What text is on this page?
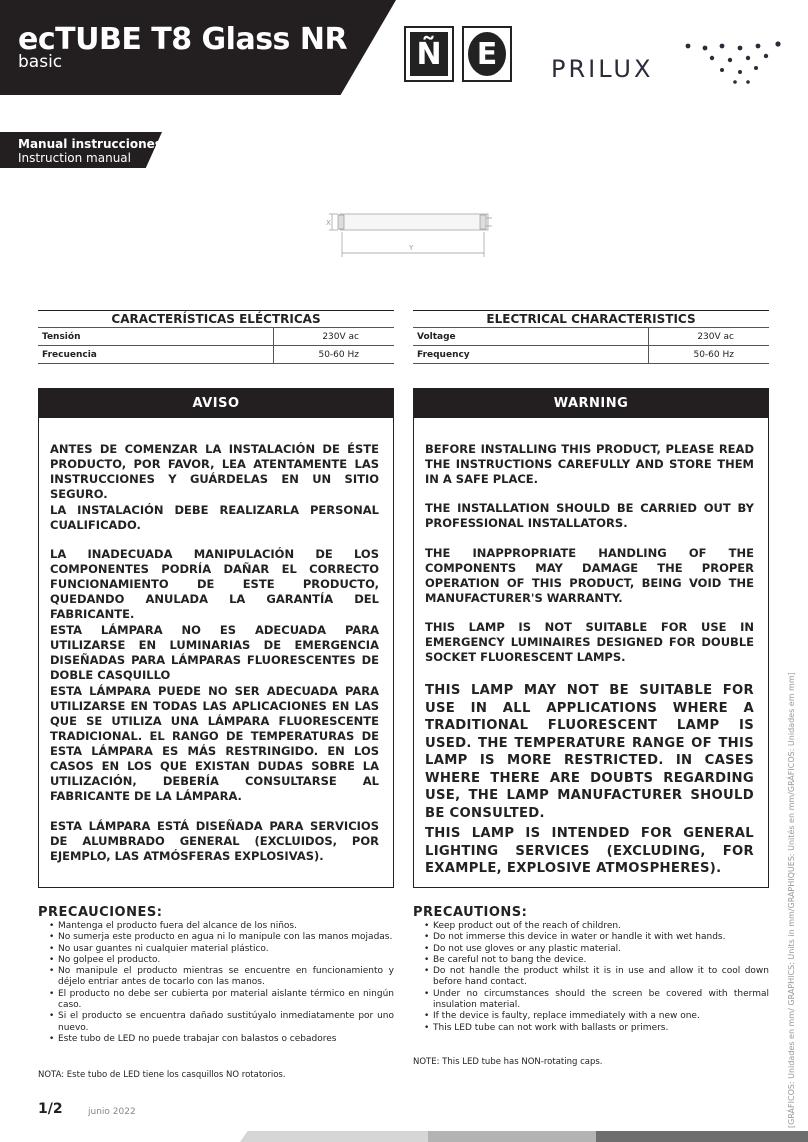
ecTUBE T8 Glass NR
basic	Ñ E	PRILUX
Manual instrucciones
Instruction manual
X
Y
CARACTERÍSTICAS ELÉCTRICAS
Tensión	230V ac
Frecuencia	50-60 Hz
ELECTRICAL CHARACTERISTICS
Voltage	230V ac
Frequency	50-60 Hz
AVISO
ANTES DE COMENZAR LA INSTALACIÓN DE ÉSTE PRODUCTO, POR FAVOR, LEA ATENTAMENTE LAS INSTRUCCIONES Y GUÁRDELAS EN UN SITIO SEGURO.
LA INSTALACIÓN DEBE REALIZARLA PERSONAL CUALIFICADO.
LA INADECUADA MANIPULACIÓN DE LOS COMPONENTES PODRÍA DAÑAR EL CORRECTO FUNCIONAMIENTO DE ESTE PRODUCTO, QUEDANDO ANULADA LA GARANTÍA DEL FABRICANTE.
ESTA LÁMPARA NO ES ADECUADA PARA UTILIZARSE EN LUMINARIAS DE EMERGENCIA DISEÑADAS PARA LÁMPARAS FLUORESCENTES DE DOBLE CASQUILLO
ESTA LÁMPARA PUEDE NO SER ADECUADA PARA UTILIZARSE EN TODAS LAS APLICACIONES EN LAS QUE SE UTILIZA UNA LÁMPARA FLUORESCENTE TRADICIONAL. EL RANGO DE TEMPERATURAS DE ESTA LÁMPARA ES MÁS RESTRINGIDO. EN LOS CASOS EN LOS QUE EXISTAN DUDAS SOBRE LA UTILIZACIÓN, DEBERÍA CONSULTARSE AL FABRICANTE DE LA LÁMPARA.
ESTA LÁMPARA ESTÁ DISEÑADA PARA SERVICIOS DE ALUMBRADO GENERAL (EXCLUIDOS, POR EJEMPLO, LAS ATMÓSFERAS EXPLOSIVAS).
WARNING
BEFORE INSTALLING THIS PRODUCT, PLEASE READ THE INSTRUCTIONS CAREFULLY AND STORE THEM IN A SAFE PLACE.
THE INSTALLATION SHOULD BE CARRIED OUT BY PROFESSIONAL INSTALLATORS.
THE INAPPROPRIATE HANDLING OF THE COMPONENTS MAY DAMAGE THE PROPER OPERATION OF THIS PRODUCT, BEING VOID THE MANUFACTURER'S WARRANTY.
THIS LAMP IS NOT SUITABLE FOR USE IN EMERGENCY LUMINAIRES DESIGNED FOR DOUBLE SOCKET FLUORESCENT LAMPS.
THIS LAMP MAY NOT BE SUITABLE FOR USE IN ALL APPLICATIONS WHERE A TRADITIONAL FLUORESCENT LAMP IS USED. THE TEMPERATURE RANGE OF THIS LAMP IS MORE RESTRICTED. IN CASES WHERE THERE ARE DOUBTS REGARDING USE, THE LAMP MANUFACTURER SHOULD BE CONSULTED.
THIS LAMP IS INTENDED FOR GENERAL LIGHTING SERVICES (EXCLUDING, FOR EXAMPLE, EXPLOSIVE ATMOSPHERES).
PRECAUCIONES:
• Mantenga el producto fuera del alcance de los niños.
• No sumerja este producto en agua ni lo manipule con las manos mojadas.
• No usar guantes ni cualquier material plástico.
• No golpee el producto.
• No manipule el producto mientras se encuentre en funcionamiento y déjelo entriar antes de tocarlo con las manos.
• El producto no debe ser cubierta por material aislante térmico en ningún caso.
• Si el producto se encuentra dañado sustitúyalo inmediatamente por uno nuevo.
• Este tubo de LED no puede trabajar con balastos o cebadores
NOTA: Este tubo de LED tiene los casquillos NO rotatorios.
PRECAUTIONS:
• Keep product out of the reach of children.
• Do not immerse this device in water or handle it with wet hands.
• Do not use gloves or any plastic material.
• Be careful not to bang the device.
• Do not handle the product whilst it is in use and allow it to cool down before hand contact.
• Under no circumstances should the screen be covered with thermal insulation material.
• If the device is faulty, replace immediately with a new one.
• This LED tube can not work with ballasts or primers.
NOTE: This LED tube has NON-rotating caps.	[GRÁFICOS: Unidades en mm/ GRAPHICS: Units in mm/GRAPHIQUES: Unités en mm/GRÁFICOS: Unidades em mm]
1/2	junio 2022
